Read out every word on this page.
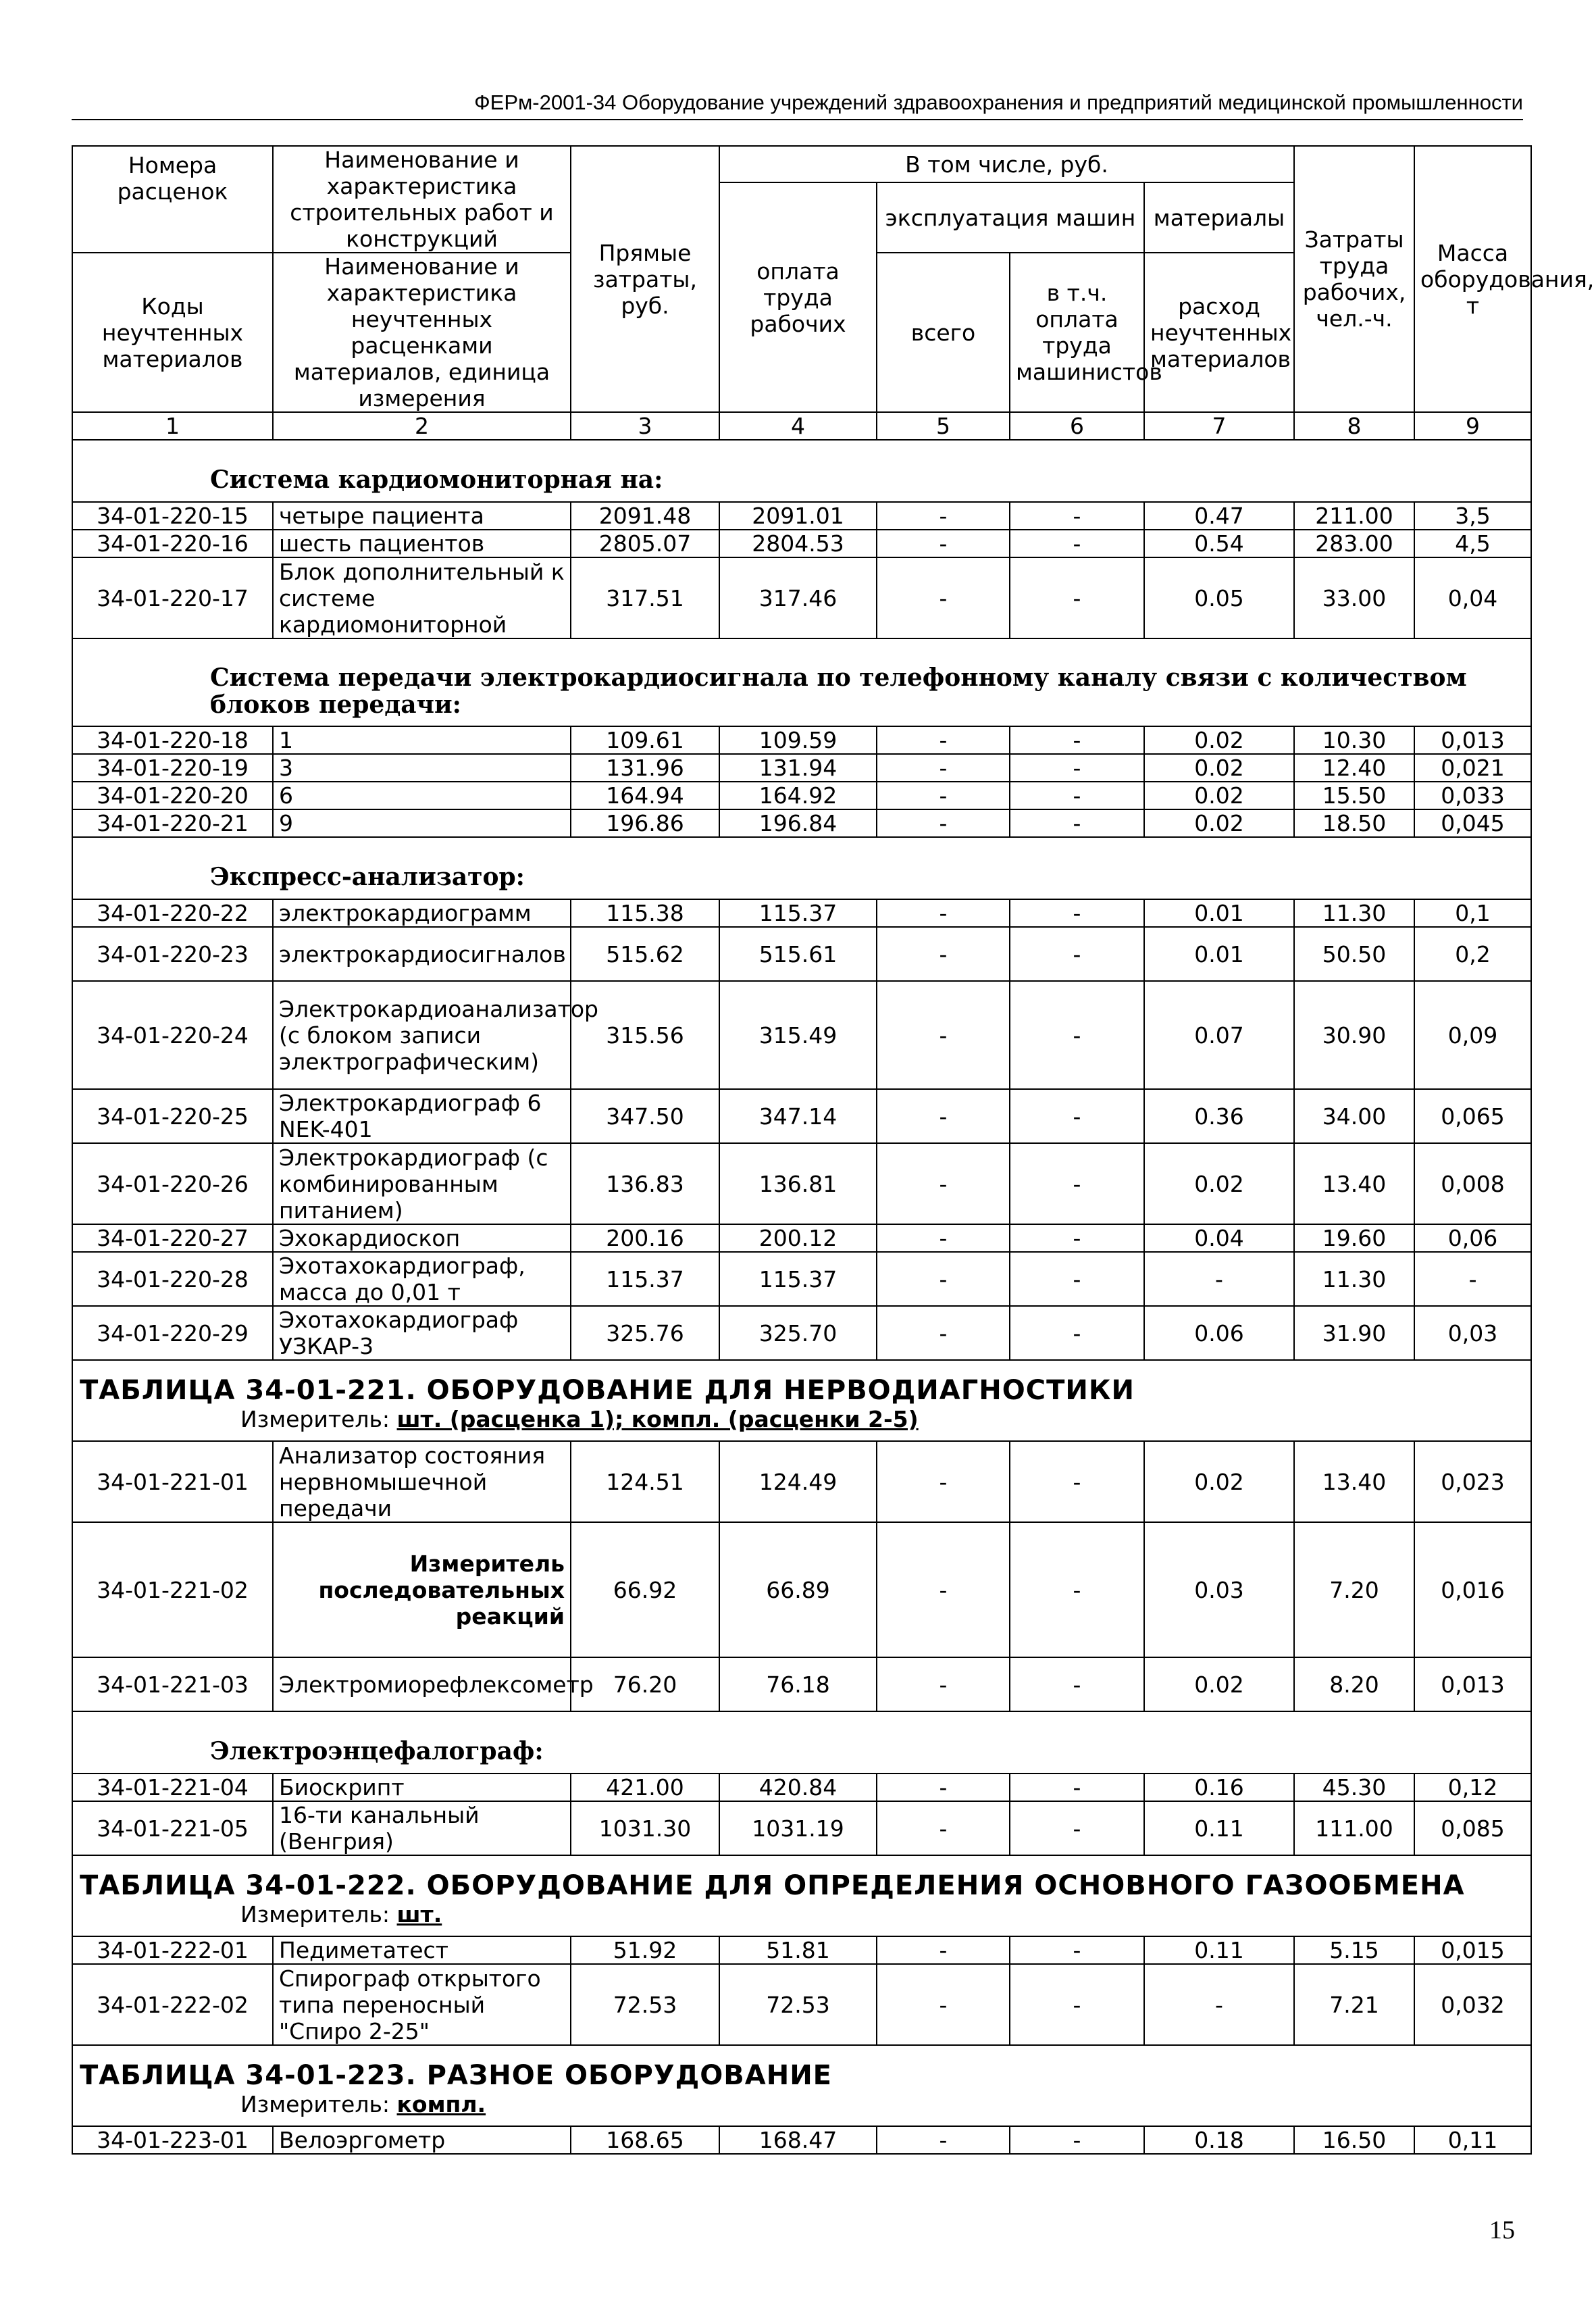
ФЕРм-2001-34 Оборудование учреждений здравоохранения и предприятий медицинской промышленности
Номера расценок	Наименование и характеристика строительных работ и конструкций	Прямые затраты, руб.	В том числе, руб.				Затраты труда рабочих, чел.-ч.	Масса оборудования, т
			оплата труда рабочих	эксплуатация машин		материалы		
Коды неучтенных материалов	Наименование и характеристика неучтенных расценками материалов, единица измерения			всего	в т.ч. оплата труда машинистов	расход неучтенных материалов		

1	2	3	4	5	6	7	8	9

Система кардиомониторная на:								

34-01-220-15	четыре пациента	2091.48	2091.01	-	-	0.47	211.00	3,5
34-01-220-16	шесть пациентов	2805.07	2804.53	-	-	0.54	283.00	4,5
34-01-220-17	Блок дополнительный к системе кардиомониторной	317.51	317.46	-	-	0.05	33.00	0,04

Система передачи электрокардиосигнала по телефонному каналу связи с количеством блоков передачи:								

34-01-220-18	1	109.61	109.59	-	-	0.02	10.30	0,013
34-01-220-19	3	131.96	131.94	-	-	0.02	12.40	0,021
34-01-220-20	6	164.94	164.92	-	-	0.02	15.50	0,033
34-01-220-21	9	196.86	196.84	-	-	0.02	18.50	0,045

Экспресс-анализатор:								

34-01-220-22	электрокардиограмм	115.38	115.37	-	-	0.01	11.30	0,1
34-01-220-23	электрокардиосигналов	515.62	515.61	-	-	0.01	50.50	0,2
34-01-220-24	Электрокардиоанализатор (с блоком записи электрографическим)	315.56	315.49	-	-	0.07	30.90	0,09
34-01-220-25	Электрокардиограф 6 NEK-401	347.50	347.14	-	-	0.36	34.00	0,065
34-01-220-26	Электрокардиограф (с комбинированным питанием)	136.83	136.81	-	-	0.02	13.40	0,008
34-01-220-27	Эхокардиоскоп	200.16	200.12	-	-	0.04	19.60	0,06
34-01-220-28	Эхотахокардиограф, масса до 0,01 т	115.37	115.37	-	-	-	11.30	-
34-01-220-29	Эхотахокардиограф УЗКАР-3	325.76	325.70	-	-	0.06	31.90	0,03

ТАБЛИЦА 34-01-221. ОБОРУДОВАНИЕ ДЛЯ НЕРВОДИАГНОСТИКИ
Измеритель: шт. (расценка 1); компл. (расценки 2-5)								

34-01-221-01	Анализатор состояния нервномышечной передачи	124.51	124.49	-	-	0.02	13.40	0,023
34-01-221-02	Измеритель последовательных реакций	66.92	66.89	-	-	0.03	7.20	0,016
34-01-221-03	Электромиорефлексометр	76.20	76.18	-	-	0.02	8.20	0,013

Электроэнцефалограф:								

34-01-221-04	Биоскрипт	421.00	420.84	-	-	0.16	45.30	0,12
34-01-221-05	16-ти канальный (Венгрия)	1031.30	1031.19	-	-	0.11	111.00	0,085

ТАБЛИЦА 34-01-222. ОБОРУДОВАНИЕ ДЛЯ ОПРЕДЕЛЕНИЯ ОСНОВНОГО ГАЗООБМЕНА
Измеритель: шт.								

34-01-222-01	Педиметатест	51.92	51.81	-	-	0.11	5.15	0,015
34-01-222-02	Спирограф открытого типа переносный "Спиро 2-25"	72.53	72.53	-	-	-	7.21	0,032

ТАБЛИЦА 34-01-223. РАЗНОЕ ОБОРУДОВАНИЕ
Измеритель: компл.								

34-01-223-01	Велоэргометр	168.65	168.47	-	-	0.18	16.50	0,11
15
